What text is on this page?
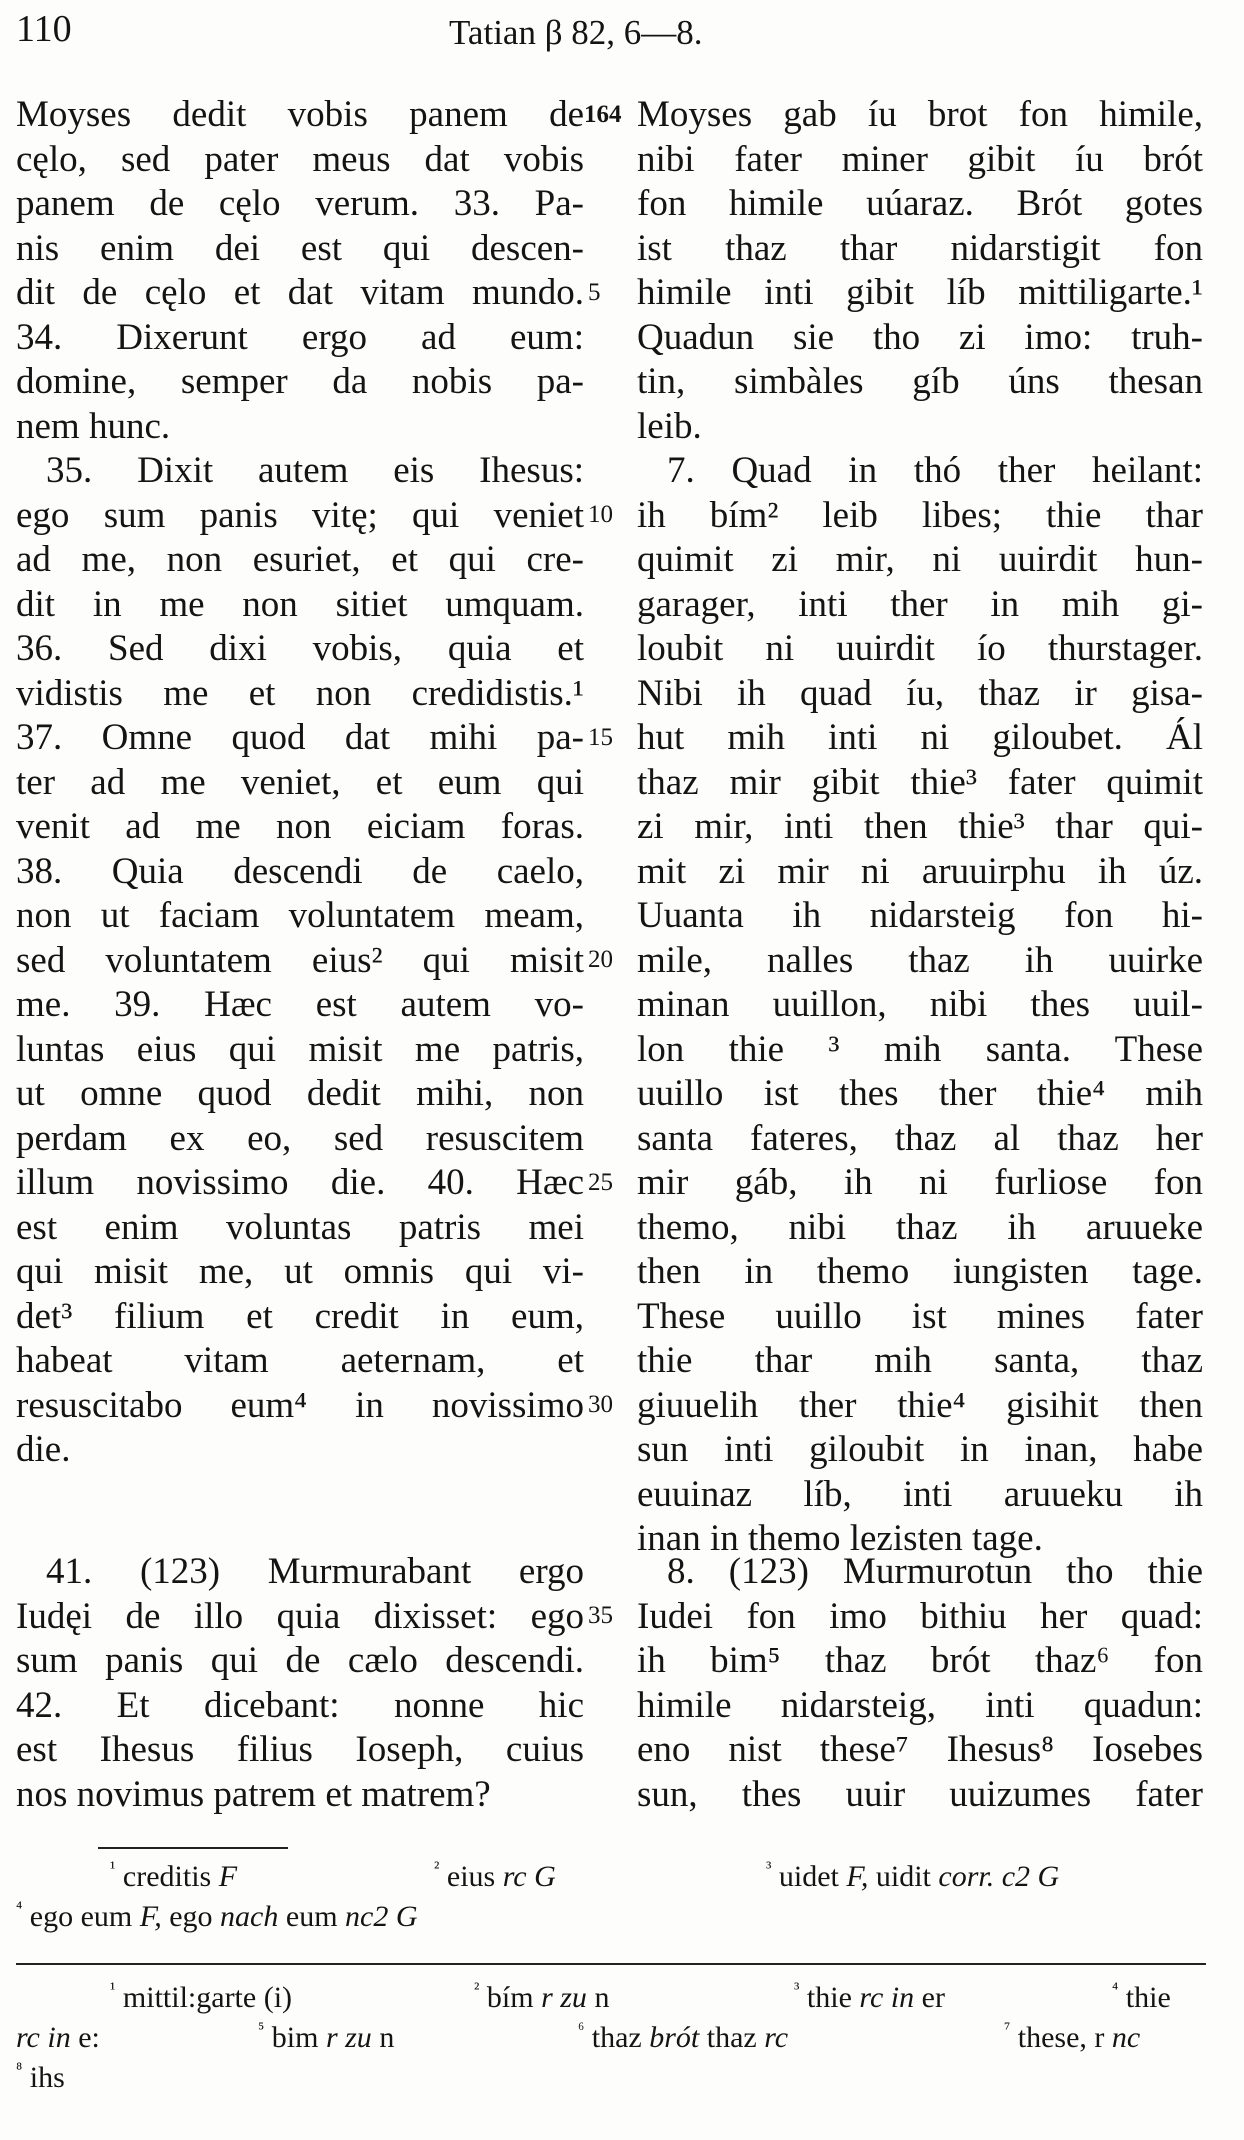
110	Tatian β 82, 6—8.
Moyses dedit vobis panem de
cęlo, sed pater meus dat vobis
panem de cęlo verum. 33. Pa-
nis enim dei est qui descen-
dit de cęlo et dat vitam mundo.
34. Dixerunt ergo ad eum:
domine, semper da nobis pa-
nem hunc.
35. Dixit autem eis Ihesus:
ego sum panis vitę; qui veniet
ad me, non esuriet, et qui cre-
dit in me non sitiet umquam.
36. Sed dixi vobis, quia et
vidistis me et non credidistis.¹
37. Omne quod dat mihi pa-
ter ad me veniet, et eum qui
venit ad me non eiciam foras.
38. Quia descendi de caelo,
non ut faciam voluntatem meam,
sed voluntatem eius² qui misit
me. 39. Hæc est autem vo-
luntas eius qui misit me patris,
ut omne quod dedit mihi, non
perdam ex eo, sed resuscitem
illum novissimo die. 40. Hæc
est enim voluntas patris mei
qui misit me, ut omnis qui vi-
det³ filium et credit in eum,
habeat vitam aeternam, et
resuscitabo eum⁴ in novissimo
die.
Moyses gab íu brot fon himile,
nibi fater miner gibit íu brót
fon himile uúaraz. Brót gotes
ist thaz thar nidarstigit fon
himile inti gibit líb mittiligarte.¹
Quadun sie tho zi imo: truh-
tin, simbàles gíb úns thesan
leib.
7. Quad in thó ther heilant:
ih bím² leib libes; thie thar
quimit zi mir, ni uuirdit hun-
garager, inti ther in mih gi-
loubit ni uuirdit ío thurstager.
Nibi ih quad íu, thaz ir gisa-
hut mih inti ni giloubet. Ál
thaz mir gibit thie³ fater quimit
zi mir, inti then thie³ thar qui-
mit zi mir ni aruuirphu ih úz.
Uuanta ih nidarsteig fon hi-
mile, nalles thaz ih uuirke
minan uuillon, nibi thes uuil-
lon thie ³ mih santa. These
uuillo ist thes ther thie⁴ mih
santa fateres, thaz al thaz her
mir gáb, ih ni furliose fon
themo, nibi thaz ih aruueke
then in themo iungisten tage.
These uuillo ist mines fater
thie thar mih santa, thaz
giuuelih ther thie⁴ gisihit then
sun inti giloubit in inan, habe
euuinaz líb, inti aruueku ih
inan in themo lezisten tage.
164
5
10
15
20
25
30
35
41. (123) Murmurabant ergo
Iudęi de illo quia dixisset: ego
sum panis qui de cælo descendi.
42. Et dicebant: nonne hic
est Ihesus filius Ioseph, cuius
nos novimus patrem et matrem?
8. (123) Murmurotun tho thie
Iudei fon imo bithiu her quad:
ih bim⁵ thaz brót thaz⁶ fon
himile nidarsteig, inti quadun:
eno nist these⁷ Ihesus⁸ Iosebes
sun, thes uuir uuizumes fater
$^{^1}$ creditis F	$^{^2}$ eius rc G	$^{^3}$ uidet F, uidit corr. c2 G
$^{^4}$ ego eum F, ego nach eum nc2 G
$^{^1}$ mittil:garte (i)	$^{^2}$ bím r zu n	$^{^3}$ thie rc in er	$^{^4}$ thie
rc in e:	$^{^5}$ bim r zu n	$^{^6}$ thaz brót thaz rc	$^{^7}$ these, r nc
$^{^8}$ ihs
